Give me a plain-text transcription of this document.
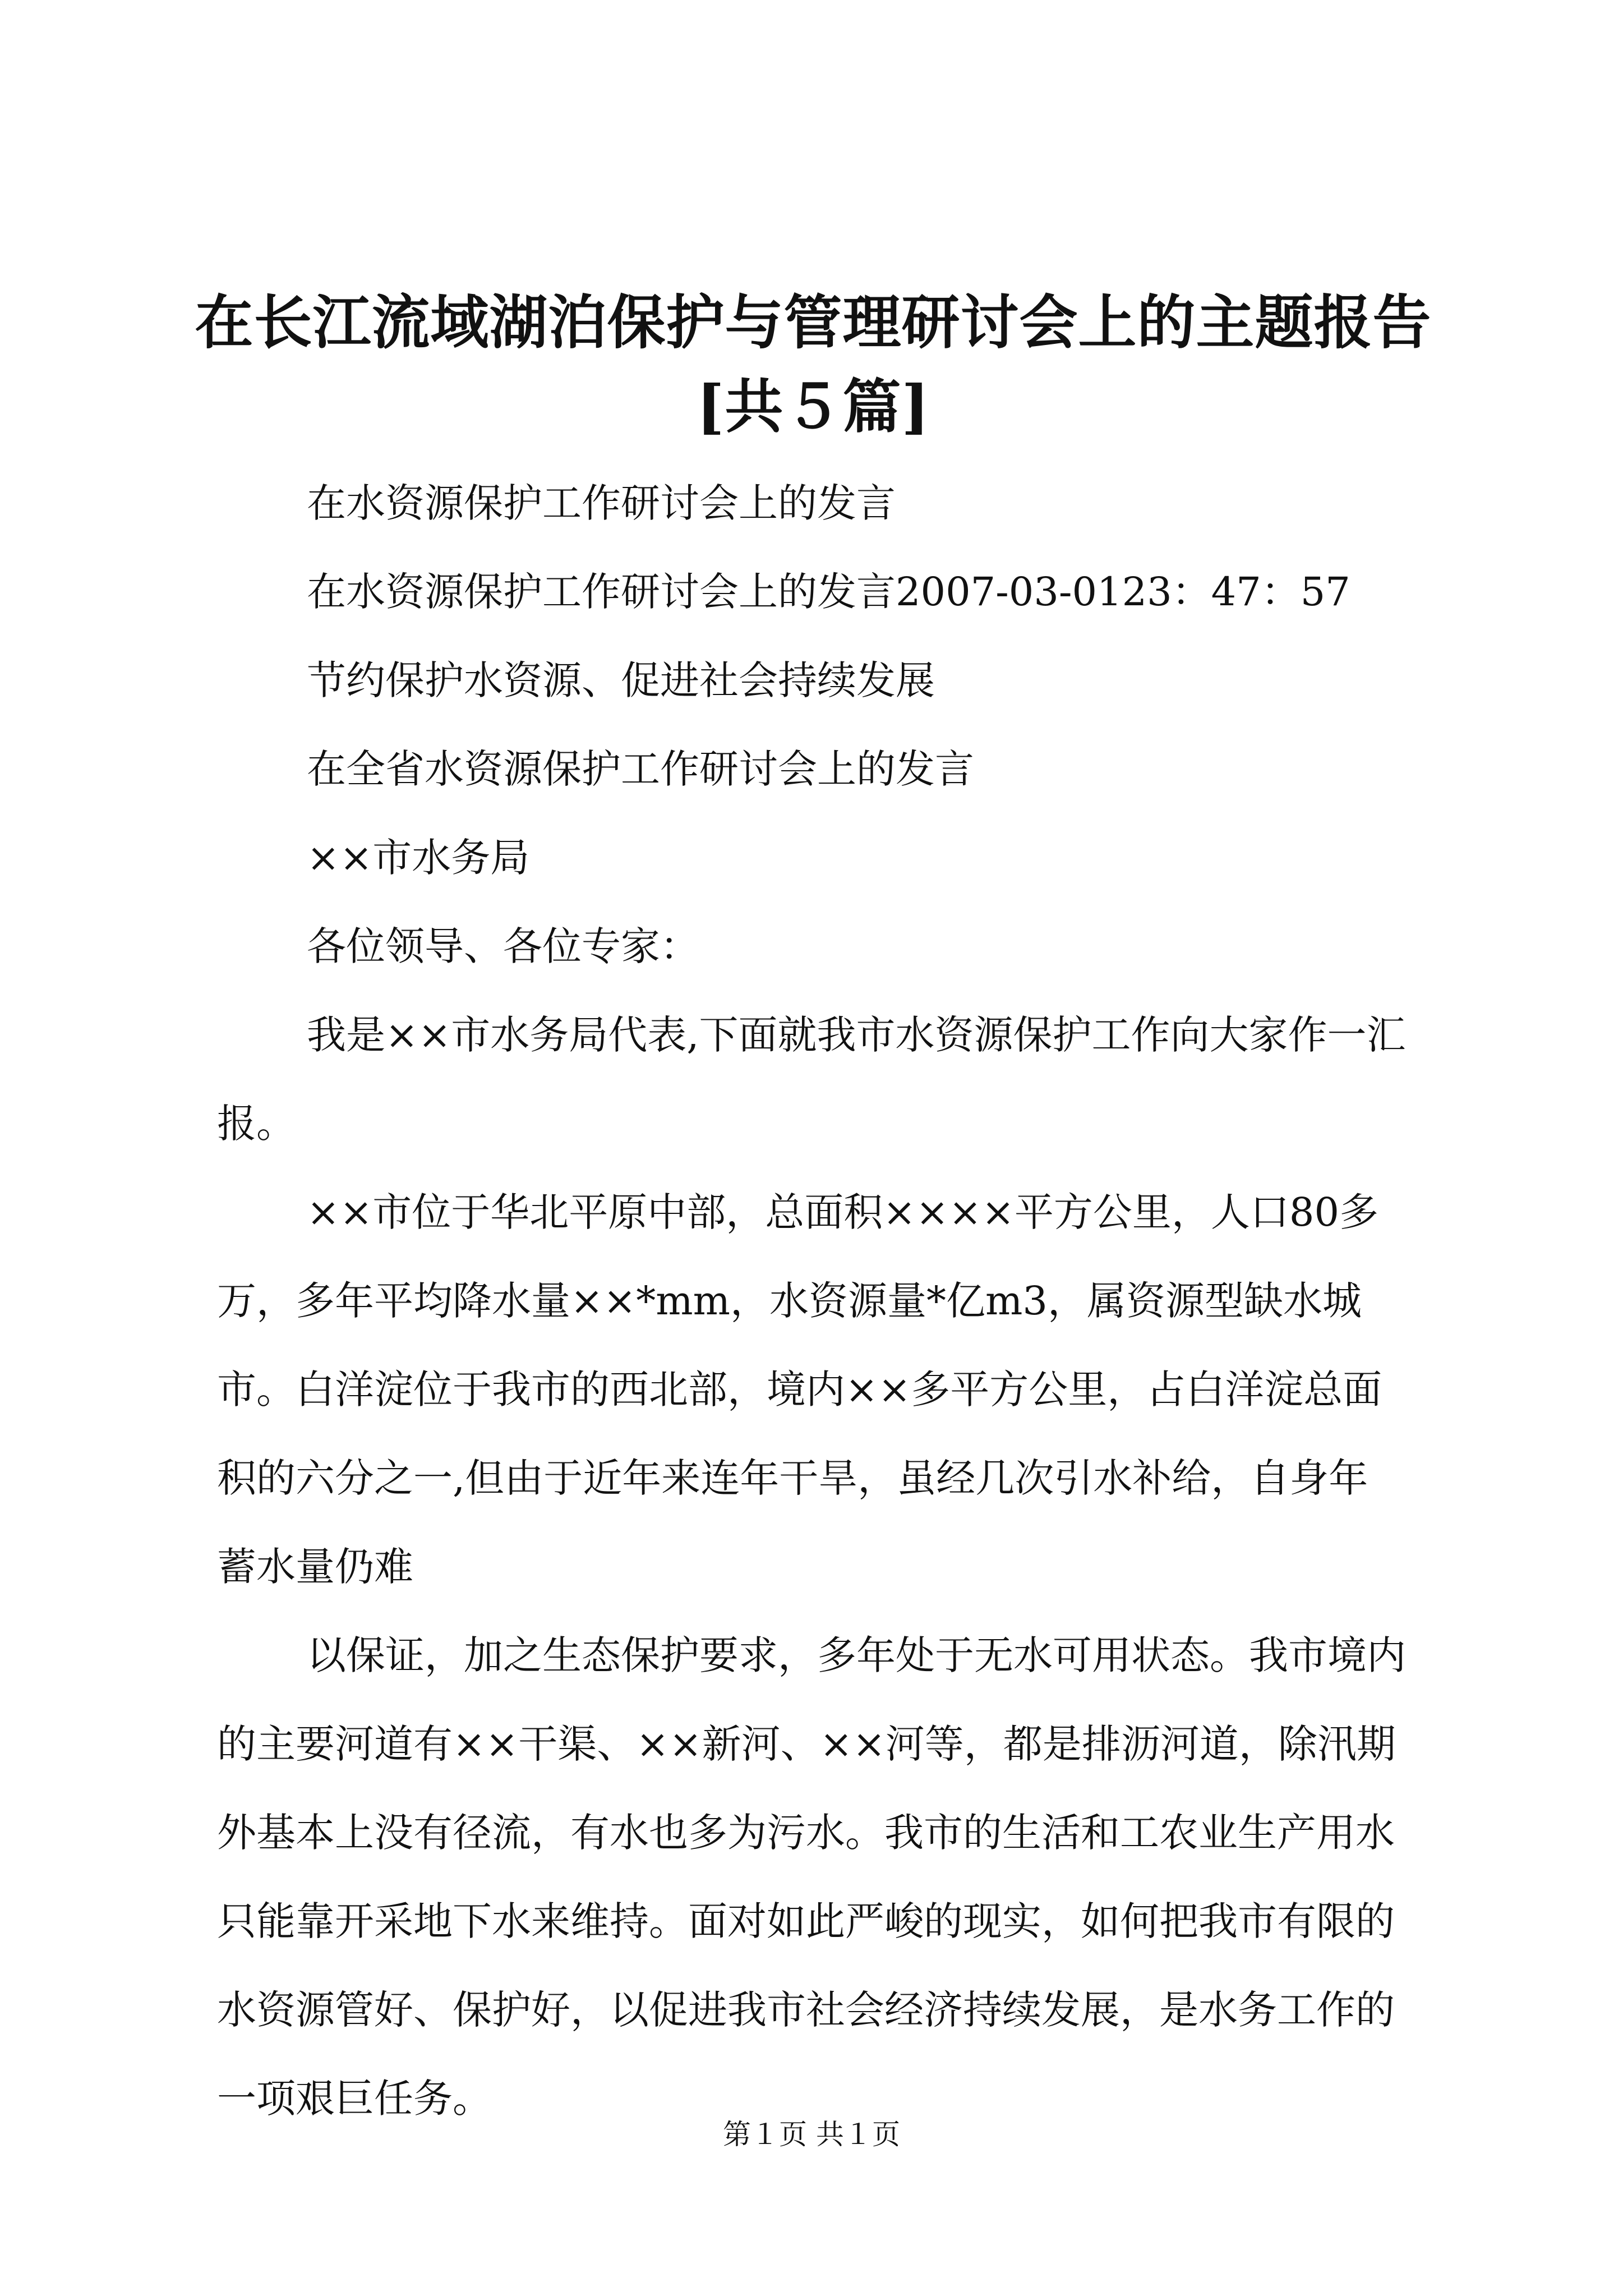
在长江流域湖泊保护与管理研讨会上的主题报告[共５篇]

在水资源保护工作研讨会上的发言

在水资源保护工作研讨会上的发言2007-03-0123：47：57

节约保护水资源、促进社会持续发展

在全省水资源保护工作研讨会上的发言

××市水务局

各位领导、各位专家：

我是××市水务局代表,下面就我市水资源保护工作向大家作一汇报。

××市位于华北平原中部，总面积××××平方公里，人口80多万，多年平均降水量××*mm，水资源量*亿m3，属资源型缺水城市。白洋淀位于我市的西北部，境内××多平方公里，占白洋淀总面积的六分之一,但由于近年来连年干旱，虽经几次引水补给，自身年蓄水量仍难

以保证，加之生态保护要求，多年处于无水可用状态。我市境内的主要河道有××干渠、××新河、××河等，都是排沥河道，除汛期外基本上没有径流，有水也多为污水。我市的生活和工农业生产用水只能靠开采地下水来维持。面对如此严峻的现实，如何把我市有限的水资源管好、保护好，以促进我市社会经济持续发展，是水务工作的一项艰巨任务。

第１页 共１页
